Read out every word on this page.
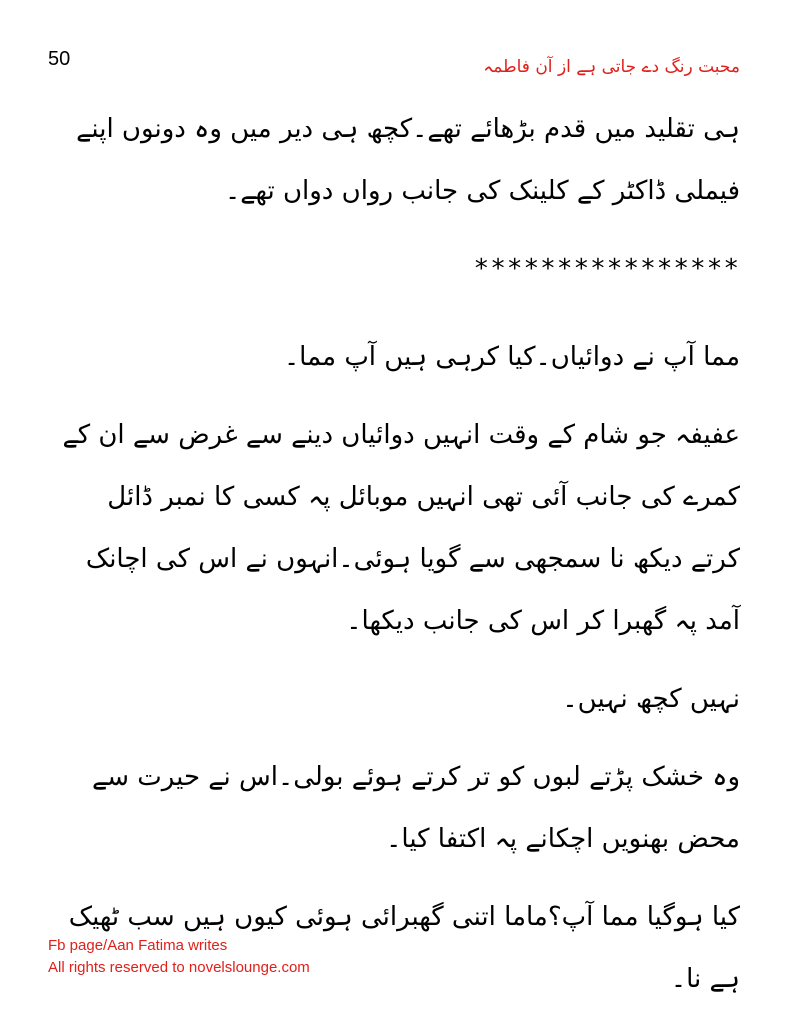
50	محبت رنگ دے جاتی ہے از آن فاطمہ

ہی تقلید میں قدم بڑھائے تھے۔کچھ ہی دیر میں وہ دونوں اپنے فیملی ڈاکٹر کے کلینک کی جانب رواں دواں تھے۔

****************

مما آپ نے دوائیاں۔کیا کرہی ہیں آپ مما۔

عفیفہ جو شام کے وقت انہیں دوائیاں دینے سے غرض سے ان کے کمرے کی جانب آئی تھی انہیں موبائل پہ کسی کا نمبر ڈائل کرتے دیکھ نا سمجھی سے گویا ہوئی۔انہوں نے اس کی اچانک آمد پہ گھبرا کر اس کی جانب دیکھا۔

نہیں کچھ نہیں۔

وہ خشک پڑتے لبوں کو تر کرتے ہوئے بولی۔اس نے حیرت سے محض بھنویں اچکانے پہ اکتفا کیا۔

کیا ہوگیا مما آپ؟ماما اتنی گھبرائی ہوئی کیوں ہیں سب ٹھیک ہے نا۔

Fb page/Aan Fatima writes
All rights reserved to novelslounge.com
